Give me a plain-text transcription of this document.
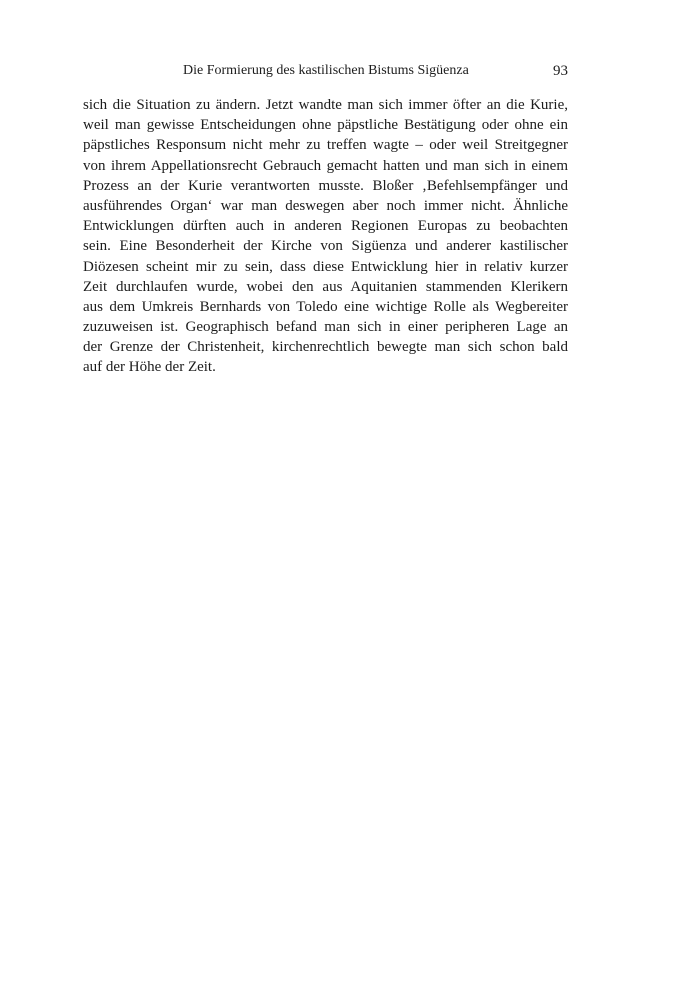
Die Formierung des kastilischen Bistums Sigüenza	93
sich die Situation zu ändern. Jetzt wandte man sich immer öfter an die Kurie,
weil man gewisse Entscheidungen ohne päpstliche Bestätigung oder ohne ein
päpstliches Responsum nicht mehr zu treffen wagte – oder weil Streitgegner
von ihrem Appellationsrecht Gebrauch gemacht hatten und man sich in einem
Prozess an der Kurie verantworten musste. Bloßer ‚Befehlsempfänger und
ausführendes Organ‘ war man deswegen aber noch immer nicht. Ähnliche
Entwicklungen dürften auch in anderen Regionen Europas zu beobachten
sein. Eine Besonderheit der Kirche von Sigüenza und anderer kastilischer
Diözesen scheint mir zu sein, dass diese Entwicklung hier in relativ kurzer
Zeit durchlaufen wurde, wobei den aus Aquitanien stammenden Klerikern
aus dem Umkreis Bernhards von Toledo eine wichtige Rolle als Wegbereiter
zuzuweisen ist. Geographisch befand man sich in einer peripheren Lage an
der Grenze der Christenheit, kirchenrechtlich bewegte man sich schon bald
auf der Höhe der Zeit.
